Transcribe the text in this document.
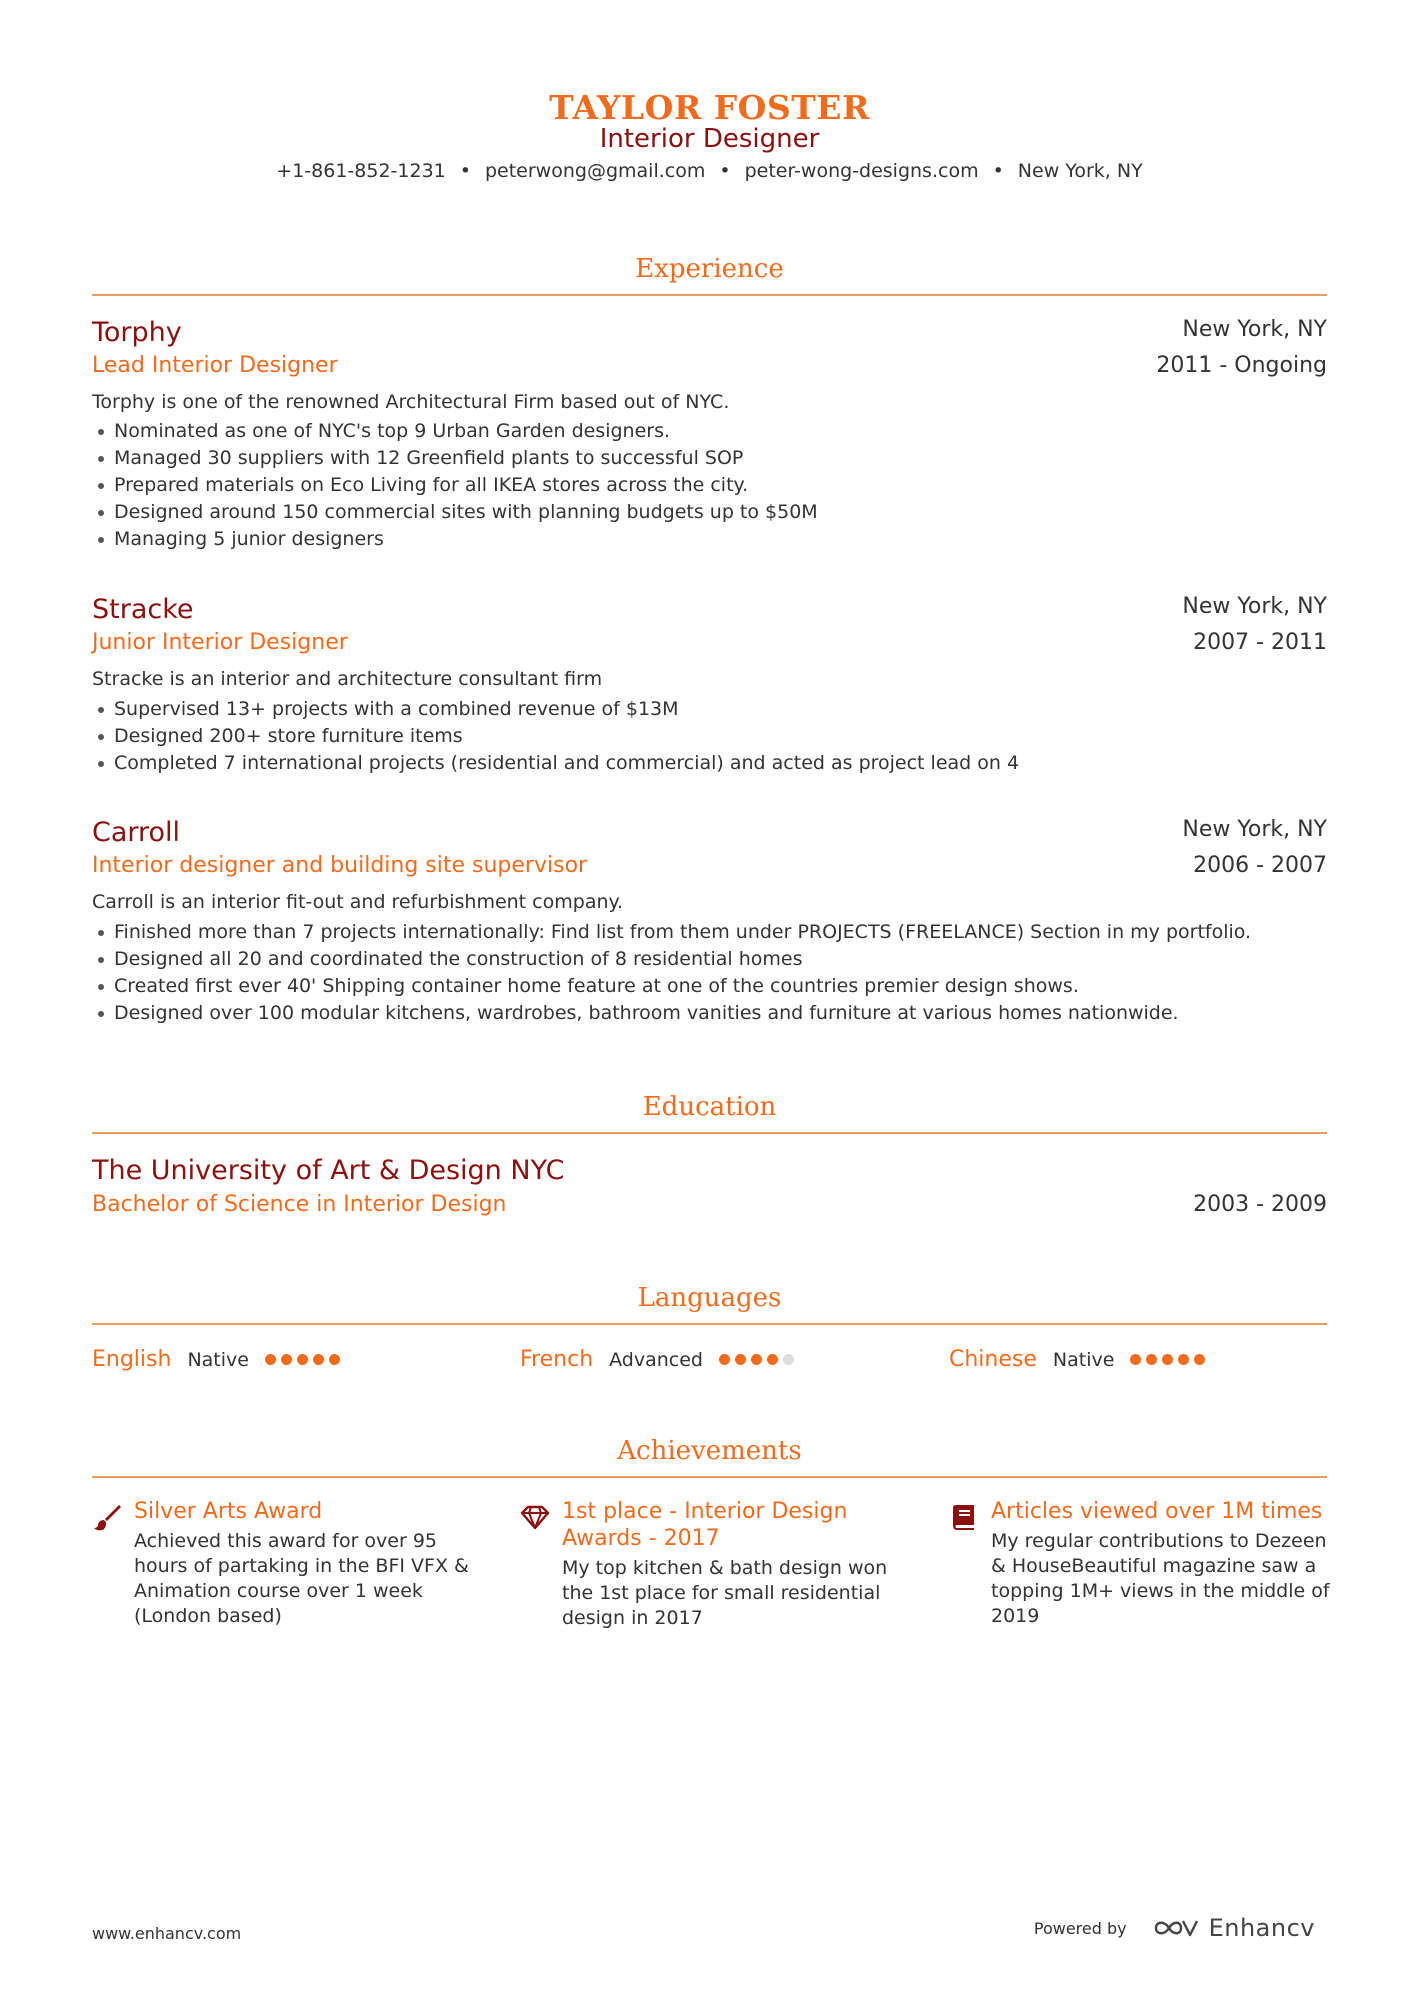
TAYLOR FOSTER
Interior Designer
+1-861-852-1231 • peterwong@gmail.com • peter-wong-designs.com • New York, NY
Experience
Torphy	New York, NY
Lead Interior Designer	2011 - Ongoing
Torphy is one of the renowned Architectural Firm based out of NYC.
Nominated as one of NYC's top 9 Urban Garden designers.
Managed 30 suppliers with 12 Greenfield plants to successful SOP
Prepared materials on Eco Living for all IKEA stores across the city.
Designed around 150 commercial sites with planning budgets up to $50M
Managing 5 junior designers
Stracke	New York, NY
Junior Interior Designer	2007 - 2011
Stracke is an interior and architecture consultant firm
Supervised 13+ projects with a combined revenue of $13M
Designed 200+ store furniture items
Completed 7 international projects (residential and commercial) and acted as project lead on 4
Carroll	New York, NY
Interior designer and building site supervisor	2006 - 2007
Carroll is an interior fit-out and refurbishment company.
Finished more than 7 projects internationally: Find list from them under PROJECTS (FREELANCE) Section in my portfolio.
Designed all 20 and coordinated the construction of 8 residential homes
Created first ever 40' Shipping container home feature at one of the countries premier design shows.
Designed over 100 modular kitchens, wardrobes, bathroom vanities and furniture at various homes nationwide.
Education
The University of Art & Design NYC
Bachelor of Science in Interior Design	2003 - 2009
Languages
English Native	French Advanced	Chinese Native
Achievements
Silver Arts Award
Achieved this award for over 95 hours of partaking in the BFI VFX & Animation course over 1 week (London based)
1st place - Interior Design Awards - 2017
My top kitchen & bath design won the 1st place for small residential design in 2017
Articles viewed over 1M times
My regular contributions to Dezeen & HouseBeautiful magazine saw a topping 1M+ views in the middle of 2019
www.enhancv.com	Powered by	Enhancv
